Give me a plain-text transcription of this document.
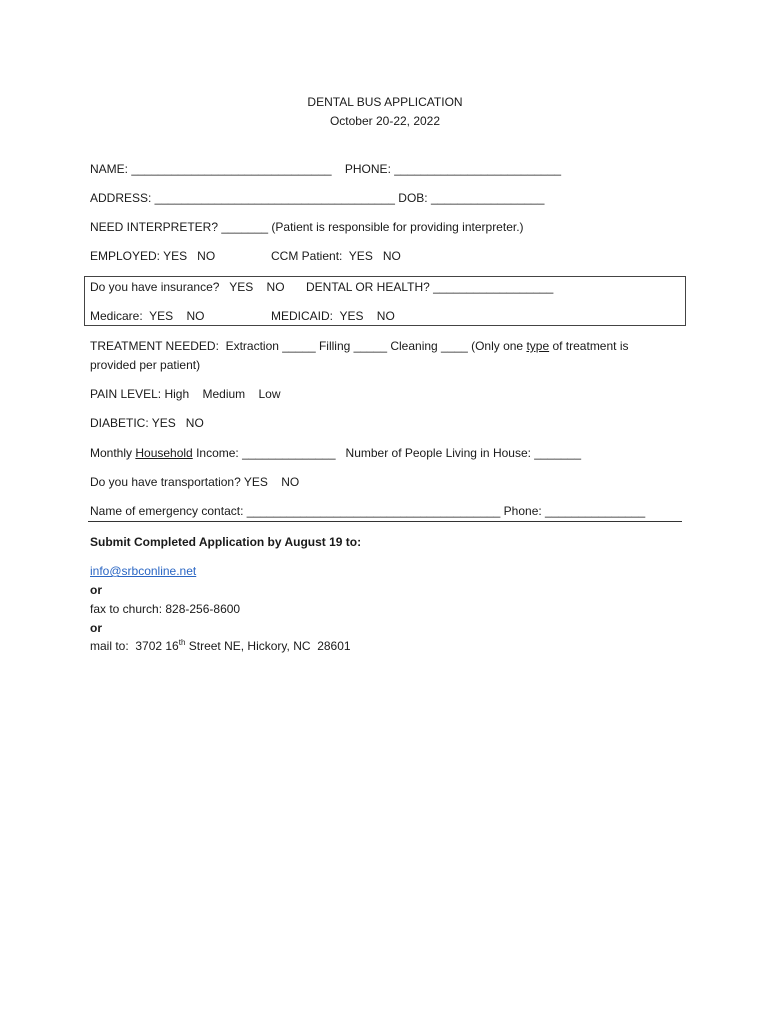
DENTAL BUS APPLICATION
October 20-22, 2022
NAME: ______________________________    PHONE: _________________________
ADDRESS: ____________________________________ DOB: _________________
NEED INTERPRETER? _______ (Patient is responsible for providing interpreter.)
EMPLOYED: YES   NO	CCM Patient:  YES   NO
Do you have insurance?   YES    NO DENTAL OR HEALTH? __________________
Medicare:  YES    NO	MEDICAID:  YES    NO
TREATMENT NEEDED:  Extraction _____ Filling _____ Cleaning ____ (Only one type of treatment is
provided per patient)
PAIN LEVEL: High    Medium    Low
DIABETIC: YES   NO
Monthly Household Income: ______________   Number of People Living in House: _______
Do you have transportation? YES    NO
Name of emergency contact: ______________________________________ Phone: _______________
Submit Completed Application by August 19 to:
info@srbconline.net
or
fax to church: 828-256-8600
or
mail to:  3702 16th Street NE, Hickory, NC  28601
